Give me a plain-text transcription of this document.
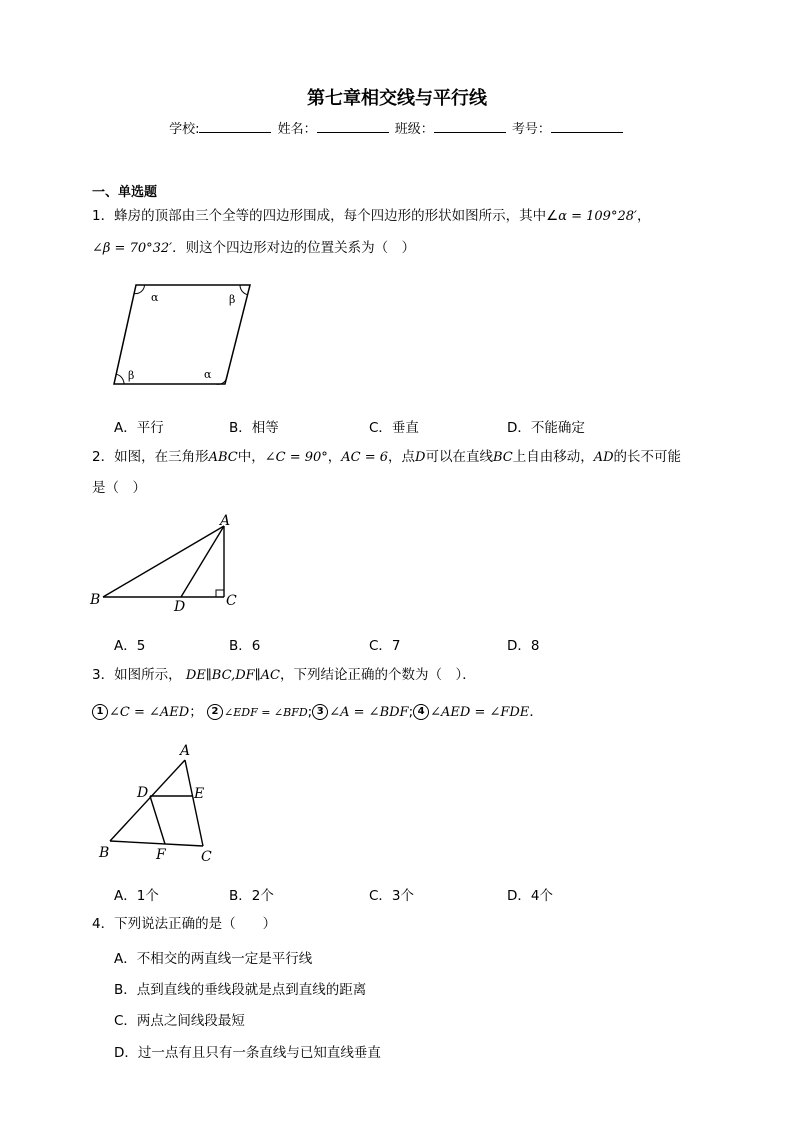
第七章相交线与平行线
学校:	姓名：	班级：	考号：
一、单选题
1．蜂房的顶部由三个全等的四边形围成，每个四边形的形状如图所示，其中∠α = 109°28′，
∠β = 70°32′．则这个四边形对边的位置关系为（　）
α	β
β	α
A．平行	B．相等	C．垂直	D．不能确定
2．如图，在三角形ABC中，∠C = 90°，AC = 6，点D可以在直线BC上自由移动，AD的长不可能
是（　）
A
B	C
D
A．5	B．6	C．7	D．8
3．如图所示， DE∥BC,DF∥AC，下列结论正确的个数为（　）．
1 ∠C = ∠AED； 2 ∠EDF = ∠BFD; 3 ∠A = ∠BDF; 4 ∠AED = ∠FDE．
A
D	E
B	F	C
A．1个	B．2个	C．3个	D．4个
4．下列说法正确的是（　　）
A．不相交的两直线一定是平行线
B．点到直线的垂线段就是点到直线的距离
C．两点之间线段最短
D．过一点有且只有一条直线与已知直线垂直
